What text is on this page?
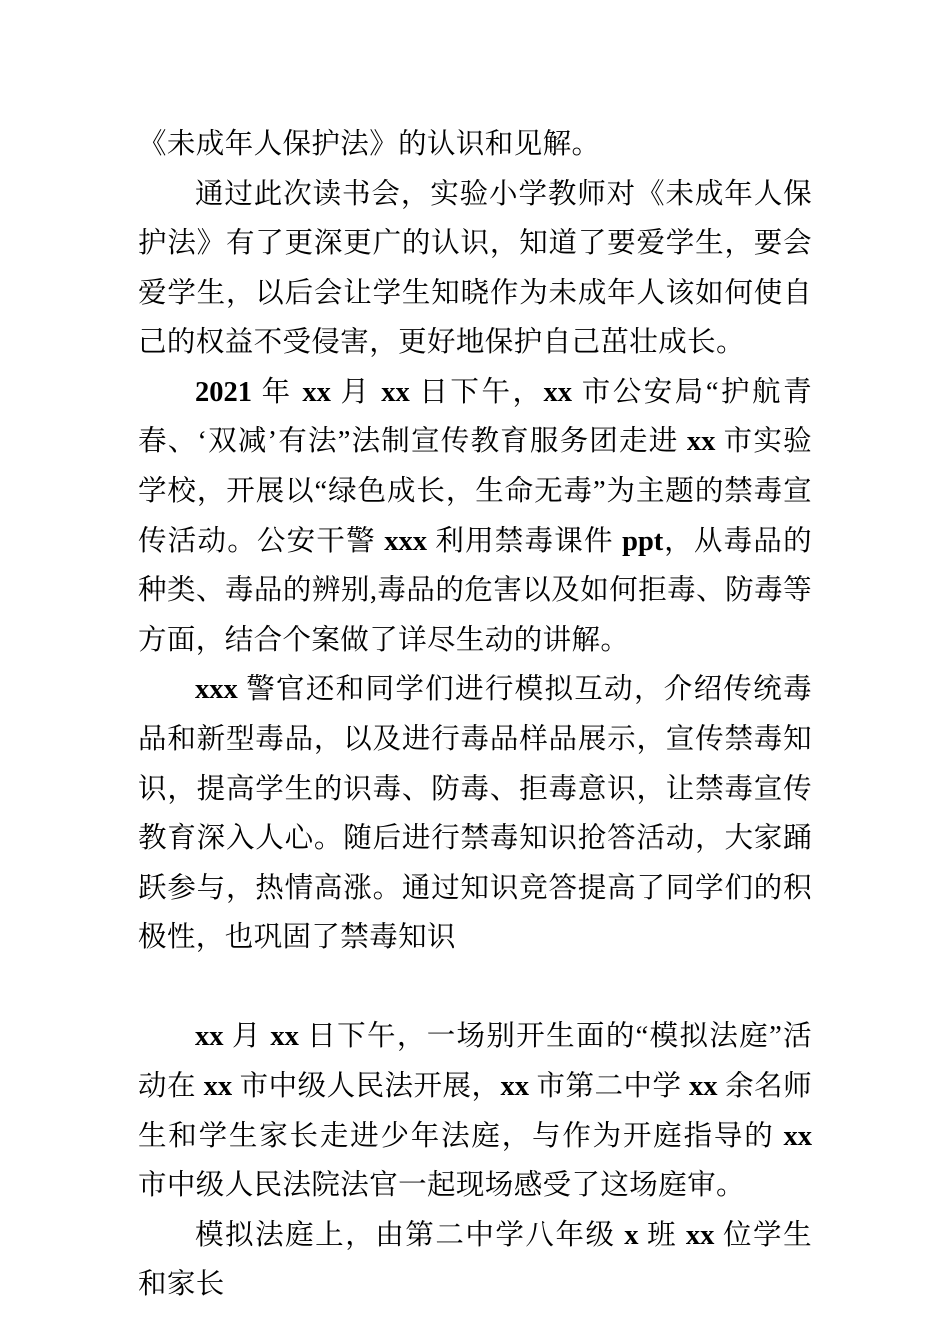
《未成年人保护法》的认识和见解。

通过此次读书会，实验小学教师对《未成年人保护法》有了更深更广的认识，知道了要爱学生，要会爱学生，以后会让学生知晓作为未成年人该如何使自己的权益不受侵害，更好地保护自己茁壮成长。

2021 年 xx 月 xx 日下午，xx 市公安局“护航青春、‘双减’有法”法制宣传教育服务团走进 xx 市实验学校，开展以“绿色成长，生命无毒”为主题的禁毒宣传活动。公安干警 xxx 利用禁毒课件 ppt，从毒品的种类、毒品的辨别,毒品的危害以及如何拒毒、防毒等方面，结合个案做了详尽生动的讲解。

xxx 警官还和同学们进行模拟互动，介绍传统毒品和新型毒品，以及进行毒品样品展示，宣传禁毒知识，提高学生的识毒、防毒、拒毒意识，让禁毒宣传教育深入人心。随后进行禁毒知识抢答活动，大家踊跃参与，热情高涨。通过知识竞答提高了同学们的积极性，也巩固了禁毒知识

xx 月 xx 日下午，一场别开生面的“模拟法庭”活动在 xx 市中级人民法开展，xx 市第二中学 xx 余名师生和学生家长走进少年法庭，与作为开庭指导的 xx 市中级人民法院法官一起现场感受了这场庭审。

模拟法庭上，由第二中学八年级 x 班 xx 位学生和家长
